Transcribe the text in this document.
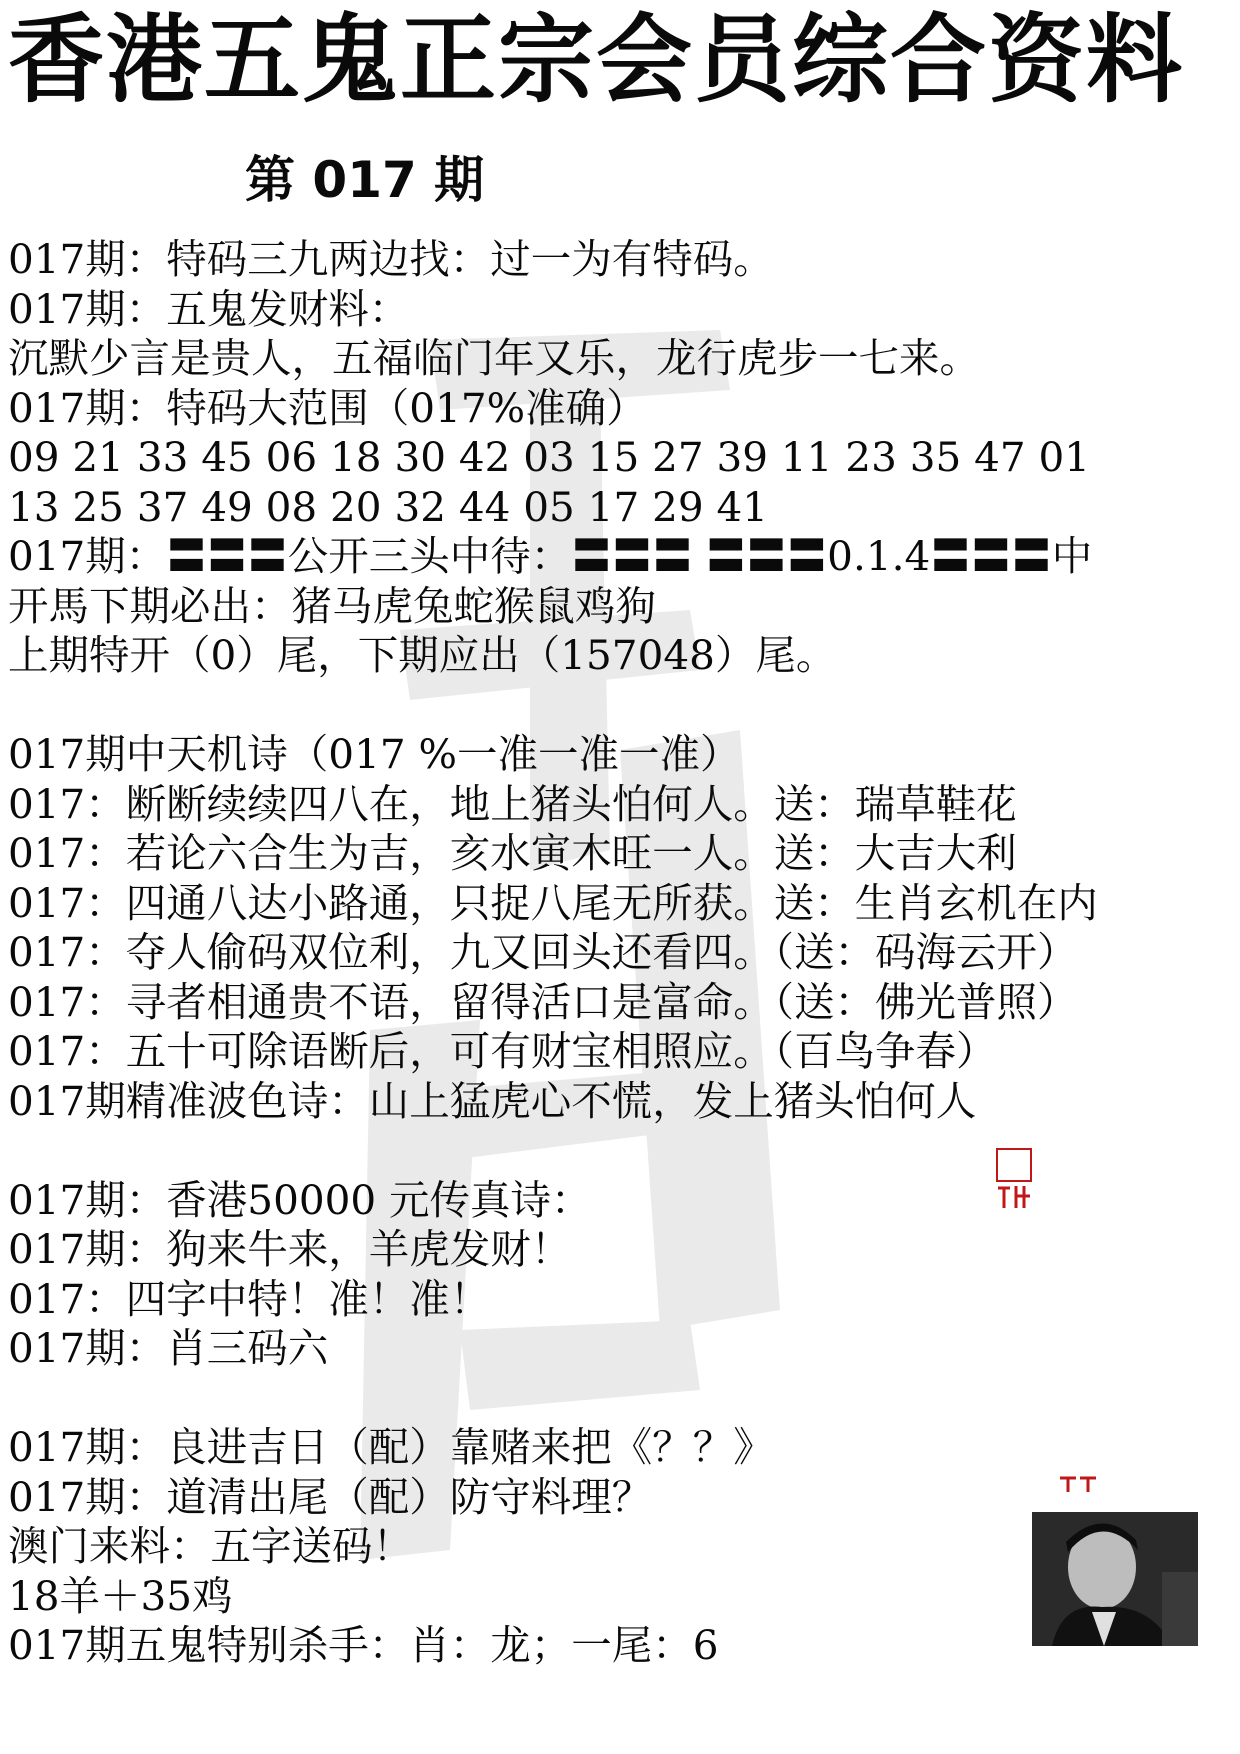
香港五鬼正宗会员综合资料
第 017 期
017期：特码三九两边找：过一为有特码。
017期：五鬼发财料：
沉默少言是贵人，五福临门年又乐，龙行虎步一七来。
017期：特码大范围（017%准确）
09 21 33 45 06 18 30 42 03 15 27 39 11 23 35 47 01
13 25 37 49 08 20 32 44 05 17 29 41
017期：〓〓〓公开三头中待：〓〓〓 〓〓〓0.1.4〓〓〓中
开馬下期必出：猪马虎兔蛇猴鼠鸡狗
上期特开（0）尾，下期应出（157048）尾。
017期中天机诗（017 %一准一准一准）
017：断断续续四八在，地上猪头怕何人。送：瑞草鞋花
017：若论六合生为吉，亥水寅木旺一人。送：大吉大利
017：四通八达小路通，只捉八尾无所获。送：生肖玄机在内
017：夺人偷码双位利，九又回头还看四。（送：码海云开）
017：寻者相通贵不语，留得活口是富命。（送：佛光普照）
017：五十可除语断后，可有财宝相照应。（百鸟争春）
017期精准波色诗：山上猛虎心不慌，发上猪头怕何人
017期：香港50000 元传真诗：
017期：狗来牛来，羊虎发财！
017：四字中特！准！准！
017期：肖三码六
017期：良进吉日（配）靠赌来把《？？》
017期：道清出尾（配）防守料理？
澳门来料：五字送码！
18羊＋35鸡
017期五鬼特别杀手：肖：龙；一尾：6
